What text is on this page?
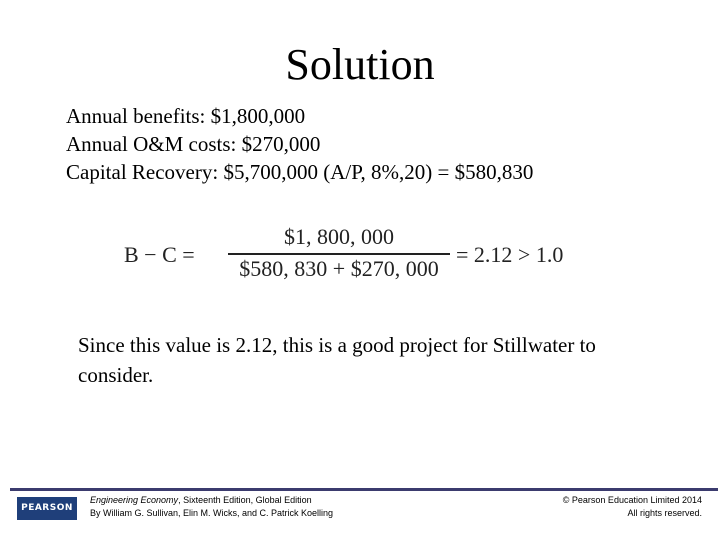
Solution
Annual benefits: $1,800,000
Annual O&M costs: $270,000
Capital Recovery: $5,700,000 (A/P, 8%,20) = $580,830
B − C =
$1, 800, 000
$580, 830 + $270, 000
= 2.12 > 1.0
Since this value is 2.12, this is a good project for Stillwater to consider.
PEARSON
Engineering Economy, Sixteenth Edition, Global Edition
By William G. Sullivan, Elin M. Wicks, and C. Patrick Koelling
© Pearson Education Limited 2014
All rights reserved.
